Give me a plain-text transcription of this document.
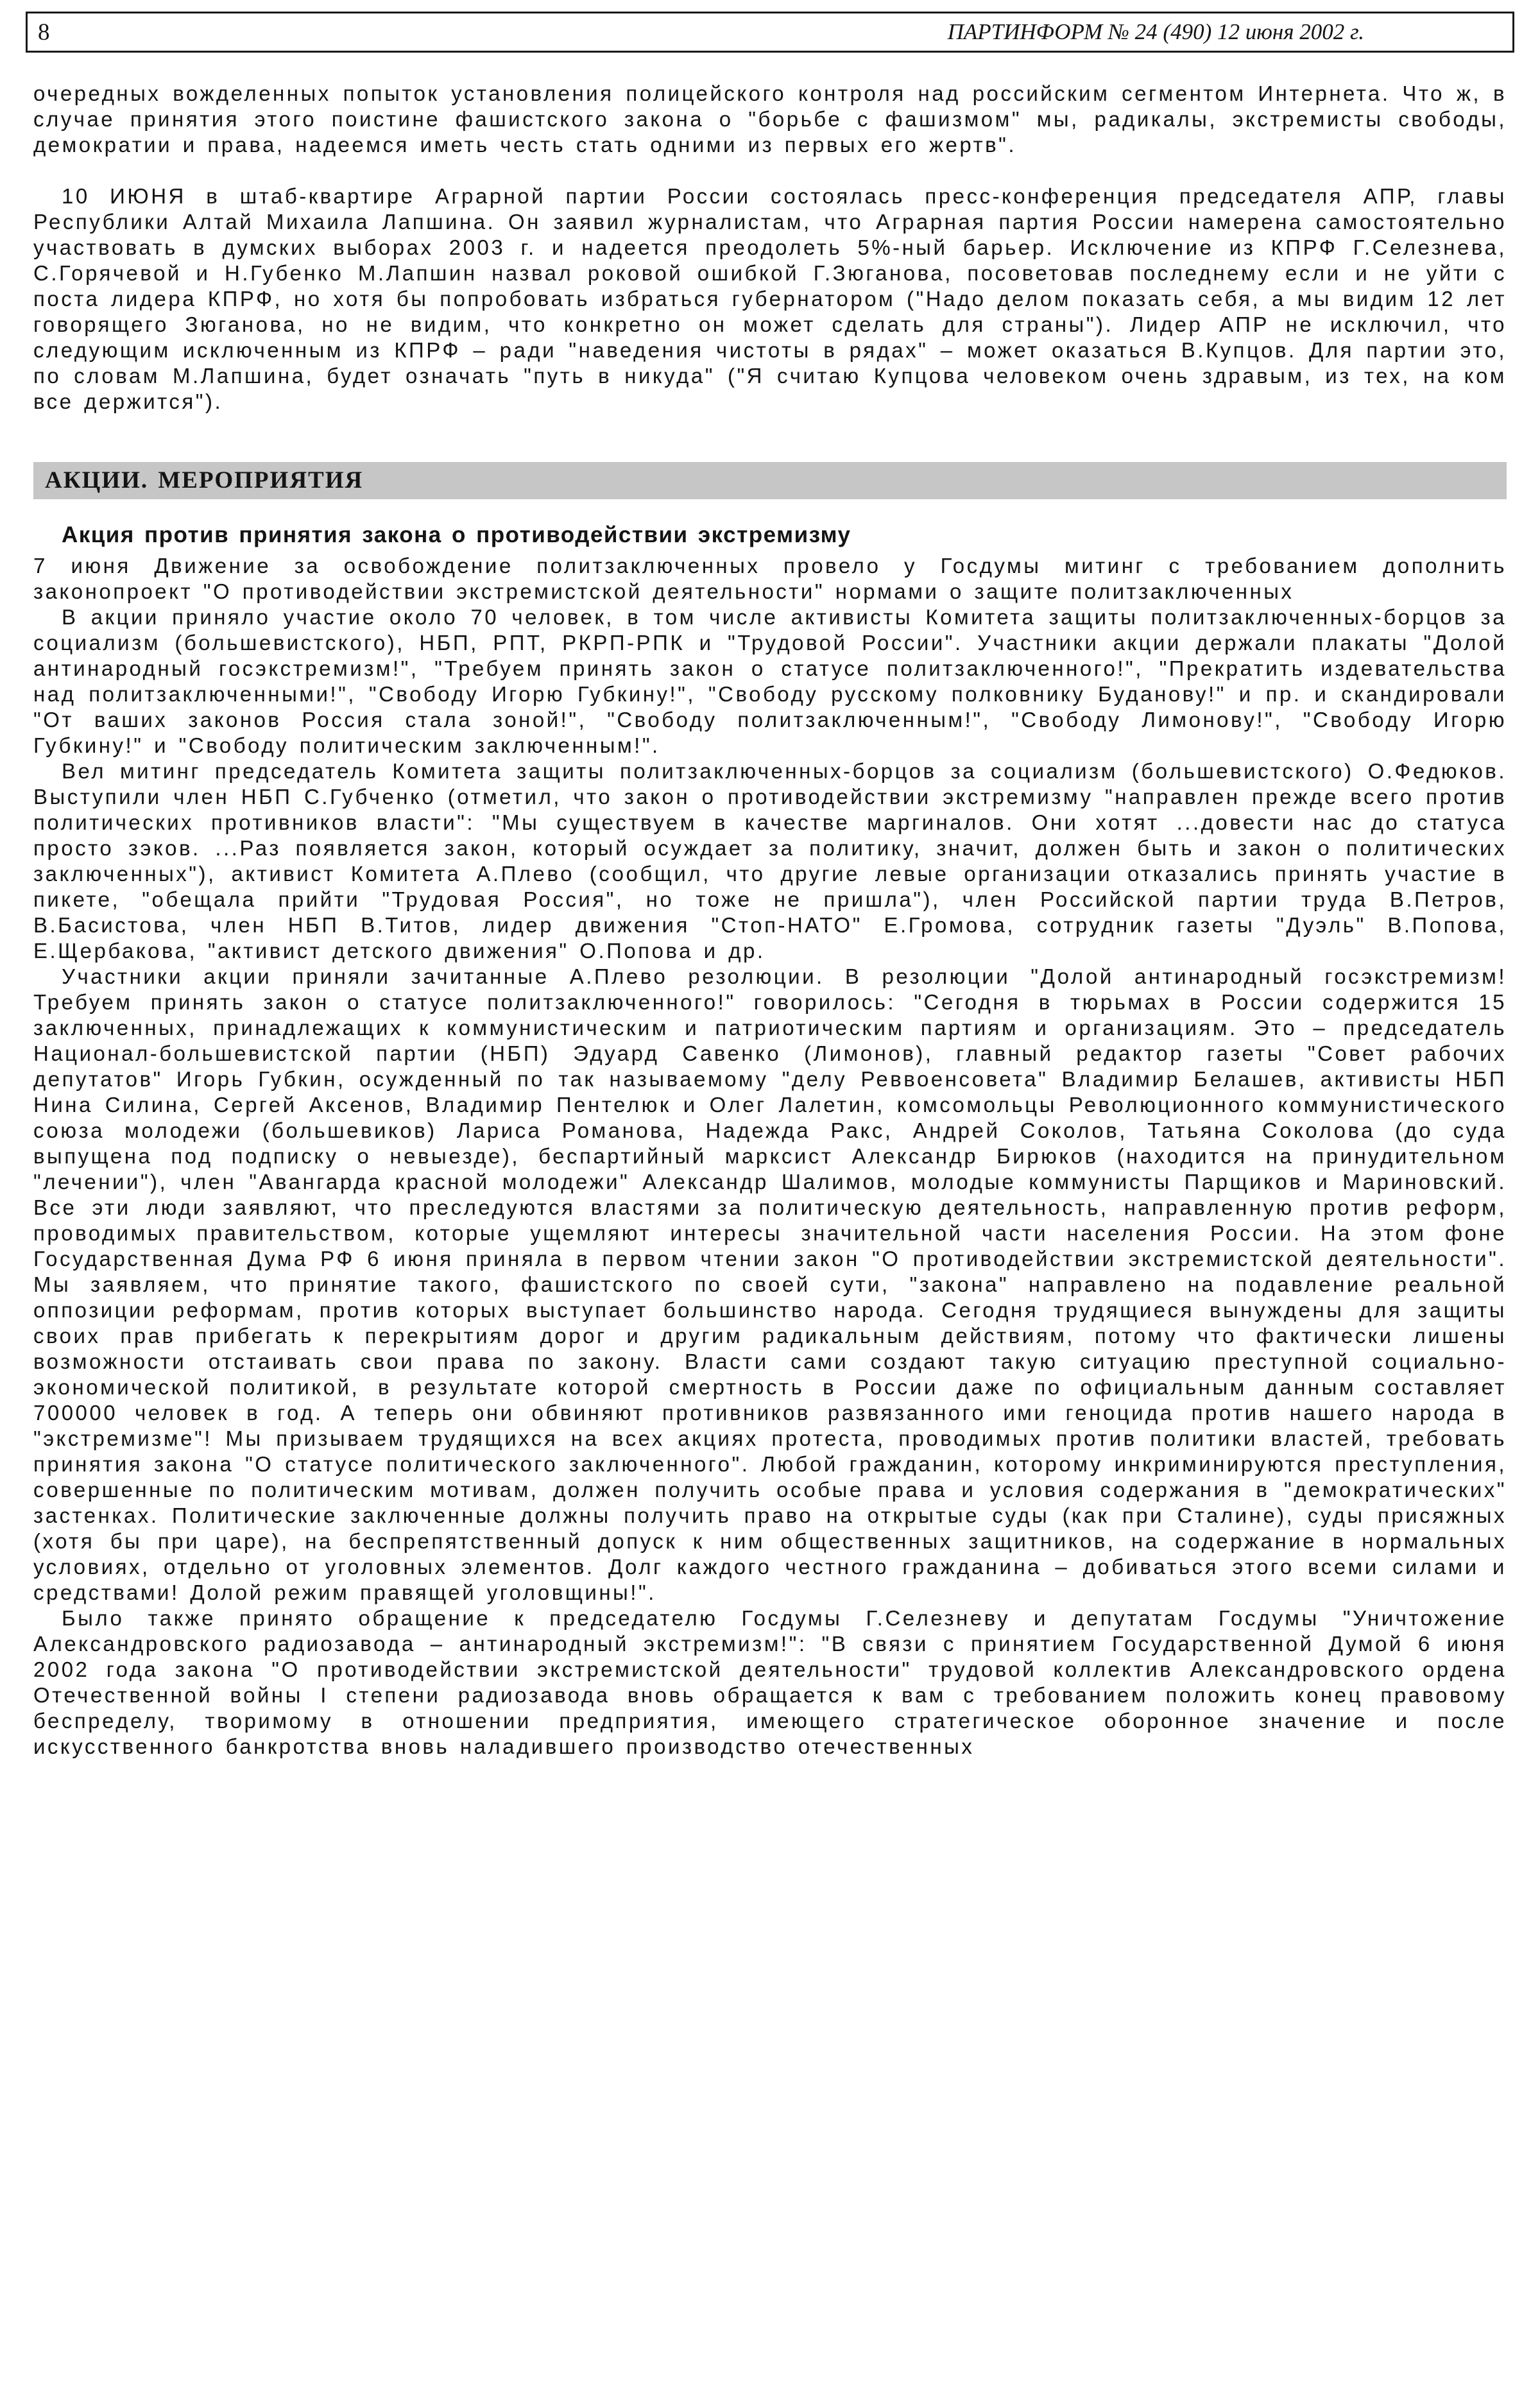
8	ПАРТИНФОРМ № 24 (490) 12 июня 2002 г.

очередных вожделенных попыток установления полицейского контроля над российским сегментом Интернета. Что ж, в случае принятия этого поистине фашистского закона о "борьбе с фашизмом" мы, радикалы, экстремисты свободы, демократии и права, надеемся иметь честь стать одними из первых его жертв".

10 ИЮНЯ в штаб-квартире Аграрной партии России состоялась пресс-конференция председателя АПР, главы Республики Алтай Михаила Лапшина. Он заявил журналистам, что Аграрная партия России намерена самостоятельно участвовать в думских выборах 2003 г. и надеется преодолеть 5%-ный барьер. Исключение из КПРФ Г.Селезнева, С.Горячевой и Н.Губенко М.Лапшин назвал роковой ошибкой Г.Зюганова, посоветовав последнему если и не уйти с поста лидера КПРФ, но хотя бы попробовать избраться губернатором ("Надо делом показать себя, а мы видим 12 лет говорящего Зюганова, но не видим, что конкретно он может сделать для страны"). Лидер АПР не исключил, что следующим исключенным из КПРФ – ради "наведения чистоты в рядах" – может оказаться В.Купцов. Для партии это, по словам М.Лапшина, будет означать "путь в никуда" ("Я считаю Купцова человеком очень здравым, из тех, на ком все держится").

АКЦИИ. МЕРОПРИЯТИЯ
Акция против принятия закона о противодействии экстремизму

7 июня Движение за освобождение политзаключенных провело у Госдумы митинг с требованием дополнить законопроект "О противодействии экстремистской деятельности" нормами о защите политзаключенных

В акции приняло участие около 70 человек, в том числе активисты Комитета защиты политзаключенных-борцов за социализм (большевистского), НБП, РПТ, РКРП-РПК и "Трудовой России". Участники акции держали плакаты "Долой антинародный госэкстремизм!", "Требуем принять закон о статусе политзаключенного!", "Прекратить издевательства над политзаключенными!", "Свободу Игорю Губкину!", "Свободу русскому полковнику Буданову!" и пр. и скандировали "От ваших законов Россия стала зоной!", "Свободу политзаключенным!", "Свободу Лимонову!", "Свободу Игорю Губкину!" и "Свободу политическим заключенным!".

Вел митинг председатель Комитета защиты политзаключенных-борцов за социализм (большевистского) О.Федюков. Выступили член НБП С.Губченко (отметил, что закон о противодействии экстремизму "направлен прежде всего против политических противников власти": "Мы существуем в качестве маргиналов. Они хотят ...довести нас до статуса просто зэков. ...Раз появляется закон, который осуждает за политику, значит, должен быть и закон о политических заключенных"), активист Комитета А.Плево (сообщил, что другие левые организации отказались принять участие в пикете, "обещала прийти "Трудовая Россия", но тоже не пришла"), член Российской партии труда В.Петров, В.Басистова, член НБП В.Титов, лидер движения "Стоп-НАТО" Е.Громова, сотрудник газеты "Дуэль" В.Попова, Е.Щербакова, "активист детского движения" О.Попова и др.

Участники акции приняли зачитанные А.Плево резолюции. В резолюции "Долой антинародный госэкстремизм! Требуем принять закон о статусе политзаключенного!" говорилось: "Сегодня в тюрьмах в России содержится 15 заключенных, принадлежащих к коммунистическим и патриотическим партиям и организациям. Это – председатель Национал-большевистской партии (НБП) Эдуард Савенко (Лимонов), главный редактор газеты "Совет рабочих депутатов" Игорь Губкин, осужденный по так называемому "делу Реввоенсовета" Владимир Белашев, активисты НБП Нина Силина, Сергей Аксенов, Владимир Пентелюк и Олег Лалетин, комсомольцы Революционного коммунистического союза молодежи (большевиков) Лариса Романова, Надежда Ракс, Андрей Соколов, Татьяна Соколова (до суда выпущена под подписку о невыезде), беспартийный марксист Александр Бирюков (находится на принудительном "лечении"), член "Авангарда красной молодежи" Александр Шалимов, молодые коммунисты Парщиков и Мариновский. Все эти люди заявляют, что преследуются властями за политическую деятельность, направленную против реформ, проводимых правительством, которые ущемляют интересы значительной части населения России. На этом фоне Государственная Дума РФ 6 июня приняла в первом чтении закон "О противодействии экстремистской деятельности". Мы заявляем, что принятие такого, фашистского по своей сути, "закона" направлено на подавление реальной оппозиции реформам, против которых выступает большинство народа. Сегодня трудящиеся вынуждены для защиты своих прав прибегать к перекрытиям дорог и другим радикальным действиям, потому что фактически лишены возможности отстаивать свои права по закону. Власти сами создают такую ситуацию преступной социально-экономической политикой, в результате которой смертность в России даже по официальным данным составляет 700000 человек в год. А теперь они обвиняют противников развязанного ими геноцида против нашего народа в "экстремизме"! Мы призываем трудящихся на всех акциях протеста, проводимых против политики властей, требовать принятия закона "О статусе политического заключенного". Любой гражданин, которому инкриминируются преступления, совершенные по политическим мотивам, должен получить особые права и условия содержания в "демократических" застенках. Политические заключенные должны получить право на открытые суды (как при Сталине), суды присяжных (хотя бы при царе), на беспрепятственный допуск к ним общественных защитников, на содержание в нормальных условиях, отдельно от уголовных элементов. Долг каждого честного гражданина – добиваться этого всеми силами и средствами! Долой режим правящей уголовщины!".

Было также принято обращение к председателю Госдумы Г.Селезневу и депутатам Госдумы "Уничтожение Александровского радиозавода – антинародный экстремизм!": "В связи с принятием Государственной Думой 6 июня 2002 года закона "О противодействии экстремистской деятельности" трудовой коллектив Александровского ордена Отечественной войны I степени радиозавода вновь обращается к вам с требованием положить конец правовому беспределу, творимому в отношении предприятия, имеющего стратегическое оборонное значение и после искусственного банкротства вновь наладившего производство отечественных
